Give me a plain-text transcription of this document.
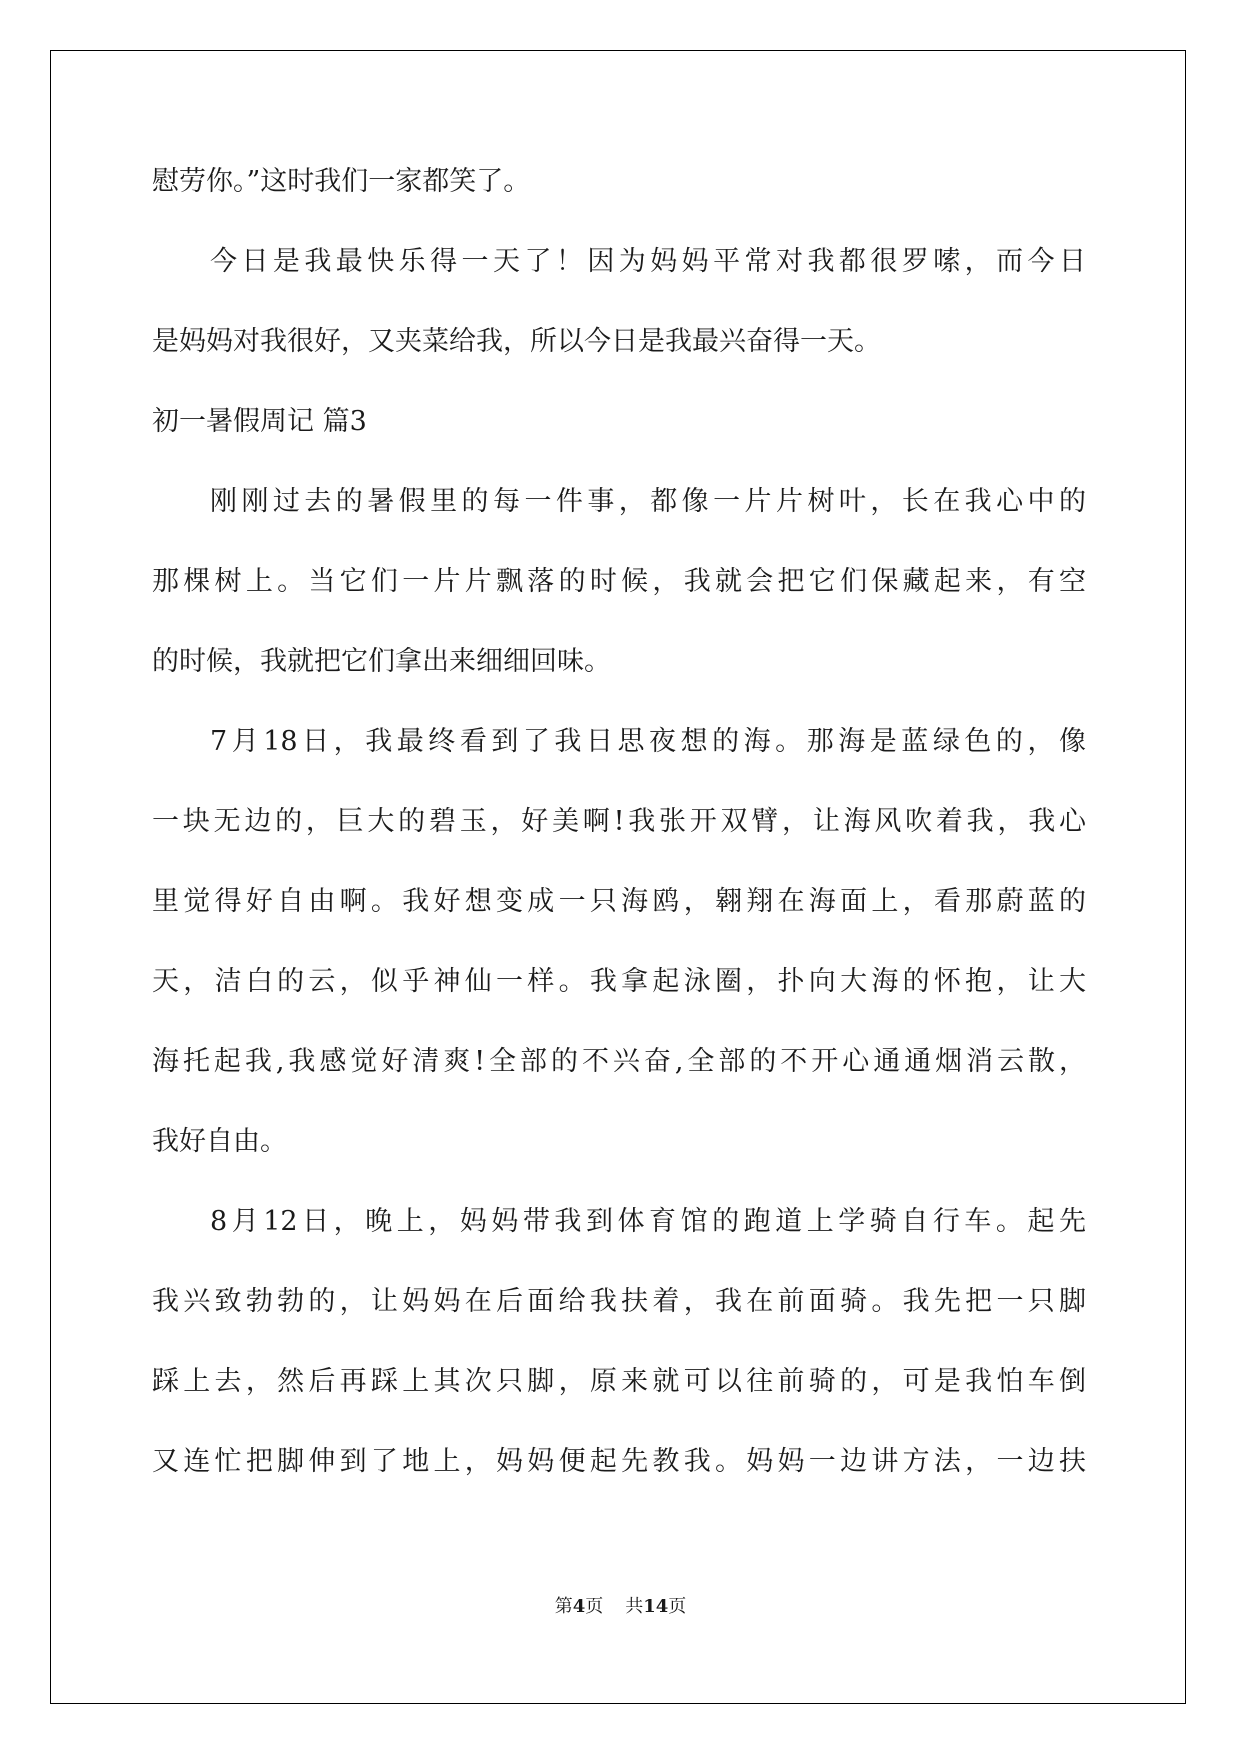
慰劳你。”这时我们一家都笑了。
今日是我最快乐得一天了！因为妈妈平常对我都很罗嗦，而今日
是妈妈对我很好，又夹菜给我，所以今日是我最兴奋得一天。
初一暑假周记 篇3
刚刚过去的暑假里的每一件事，都像一片片树叶，长在我心中的
那棵树上。当它们一片片飘落的时候，我就会把它们保藏起来，有空
的时候，我就把它们拿出来细细回味。
7月18日，我最终看到了我日思夜想的海。那海是蓝绿色的，像
一块无边的，巨大的碧玉，好美啊!我张开双臂，让海风吹着我，我心
里觉得好自由啊。我好想变成一只海鸥，翱翔在海面上，看那蔚蓝的
天，洁白的云，似乎神仙一样。我拿起泳圈，扑向大海的怀抱，让大
海托起我,我感觉好清爽!全部的不兴奋,全部的不开心通通烟消云散，
我好自由。
8月12日，晚上，妈妈带我到体育馆的跑道上学骑自行车。起先
我兴致勃勃的，让妈妈在后面给我扶着，我在前面骑。我先把一只脚
踩上去，然后再踩上其次只脚，原来就可以往前骑的，可是我怕车倒
又连忙把脚伸到了地上，妈妈便起先教我。妈妈一边讲方法，一边扶
第4页 共14页
